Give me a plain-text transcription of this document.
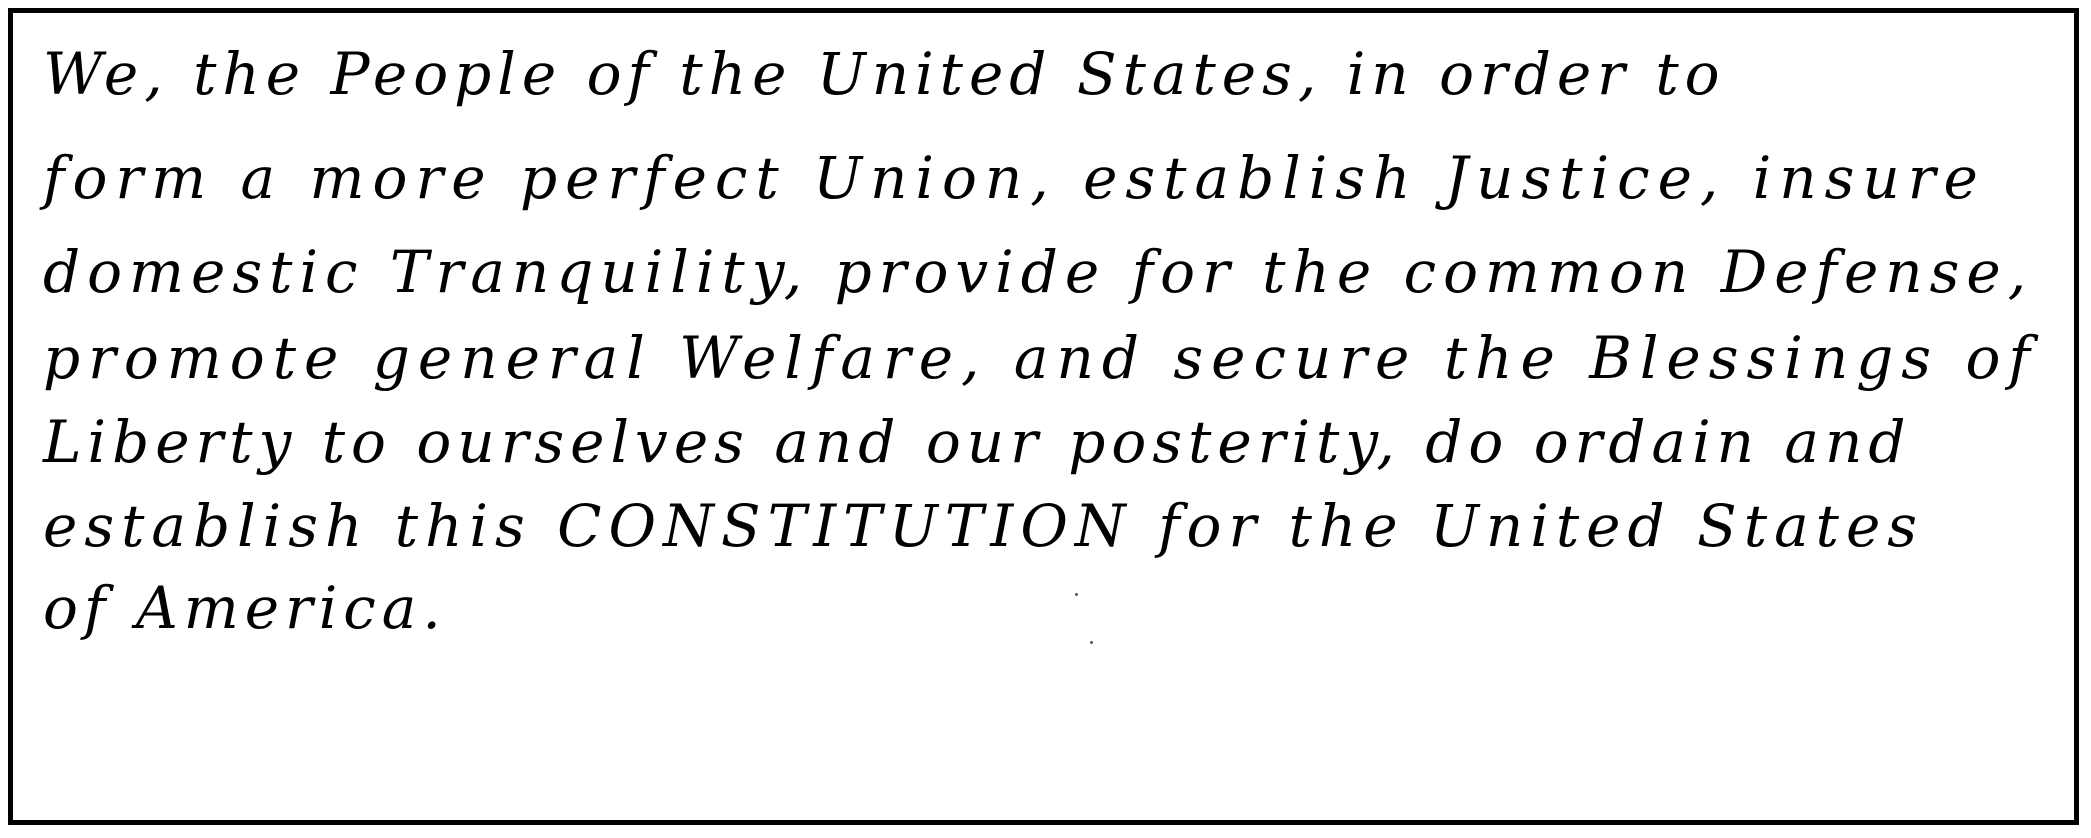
We, the People of the United States, in order to
form a more perfect Union, establish Justice, insure
domestic Tranquility, provide for the common Defense,
promote general Welfare, and secure the Blessings of
Liberty to ourselves and our posterity, do ordain and
establish this CONSTITUTION for the United States
of America.
